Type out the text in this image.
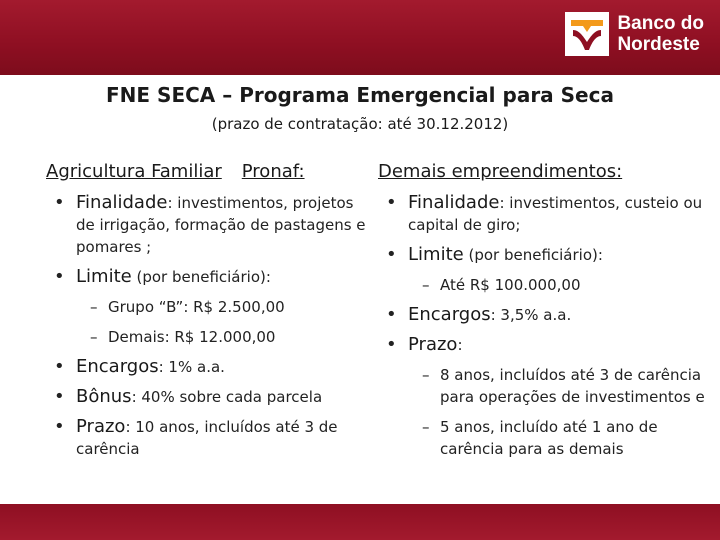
Banco do
Nordeste
FNE SECA – Programa Emergencial para Seca
(prazo de contratação: até 30.12.2012)
Agricultura Familiar Pronaf:
• Finalidade: investimentos, projetos de irrigação, formação de pastagens e pomares ;
• Limite (por beneficiário):
– Grupo “B”: R$ 2.500,00
– Demais: R$ 12.000,00
• Encargos: 1% a.a.
• Bônus: 40% sobre cada parcela
• Prazo: 10 anos, incluídos até 3 de carência
Demais empreendimentos:
• Finalidade: investimentos, custeio ou capital de giro;
• Limite (por beneficiário):
– Até R$ 100.000,00
• Encargos: 3,5% a.a.
• Prazo:
– 8 anos, incluídos até 3 de carência para operações de investimentos e
– 5 anos, incluído até 1 ano de carência para as demais
